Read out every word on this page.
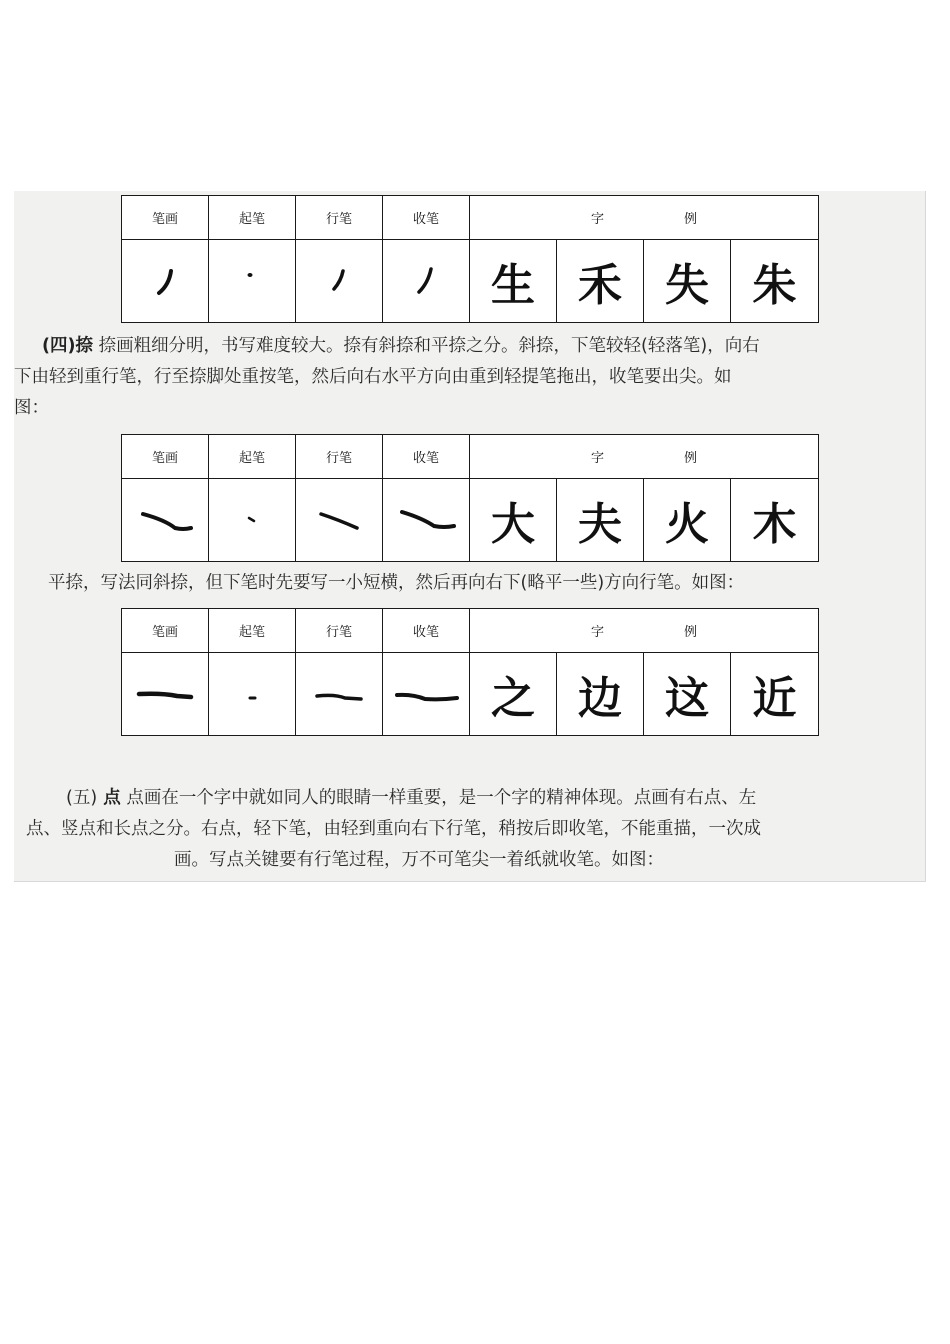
笔画	起笔	行笔	收笔	字 例			

	生	禾	失	朱
(四)捺 捺画粗细分明，书写难度较大。捺有斜捺和平捺之分。斜捺，下笔较轻(轻落笔)，向右
下由轻到重行笔，行至捺脚处重按笔，然后向右水平方向由重到轻提笔拖出，收笔要出尖。如
图：
笔画	起笔	行笔	收笔	字 例			

	大	夫	火	木
平捺，写法同斜捺，但下笔时先要写一小短横，然后再向右下(略平一些)方向行笔。如图：
笔画	起笔	行笔	收笔	字 例			

	之	边	这	近
(五) 点 点画在一个字中就如同人的眼睛一样重要，是一个字的精神体现。点画有右点、左
点、竖点和长点之分。右点，轻下笔，由轻到重向右下行笔，稍按后即收笔，不能重描，一次成
画。写点关键要有行笔过程，万不可笔尖一着纸就收笔。如图：
